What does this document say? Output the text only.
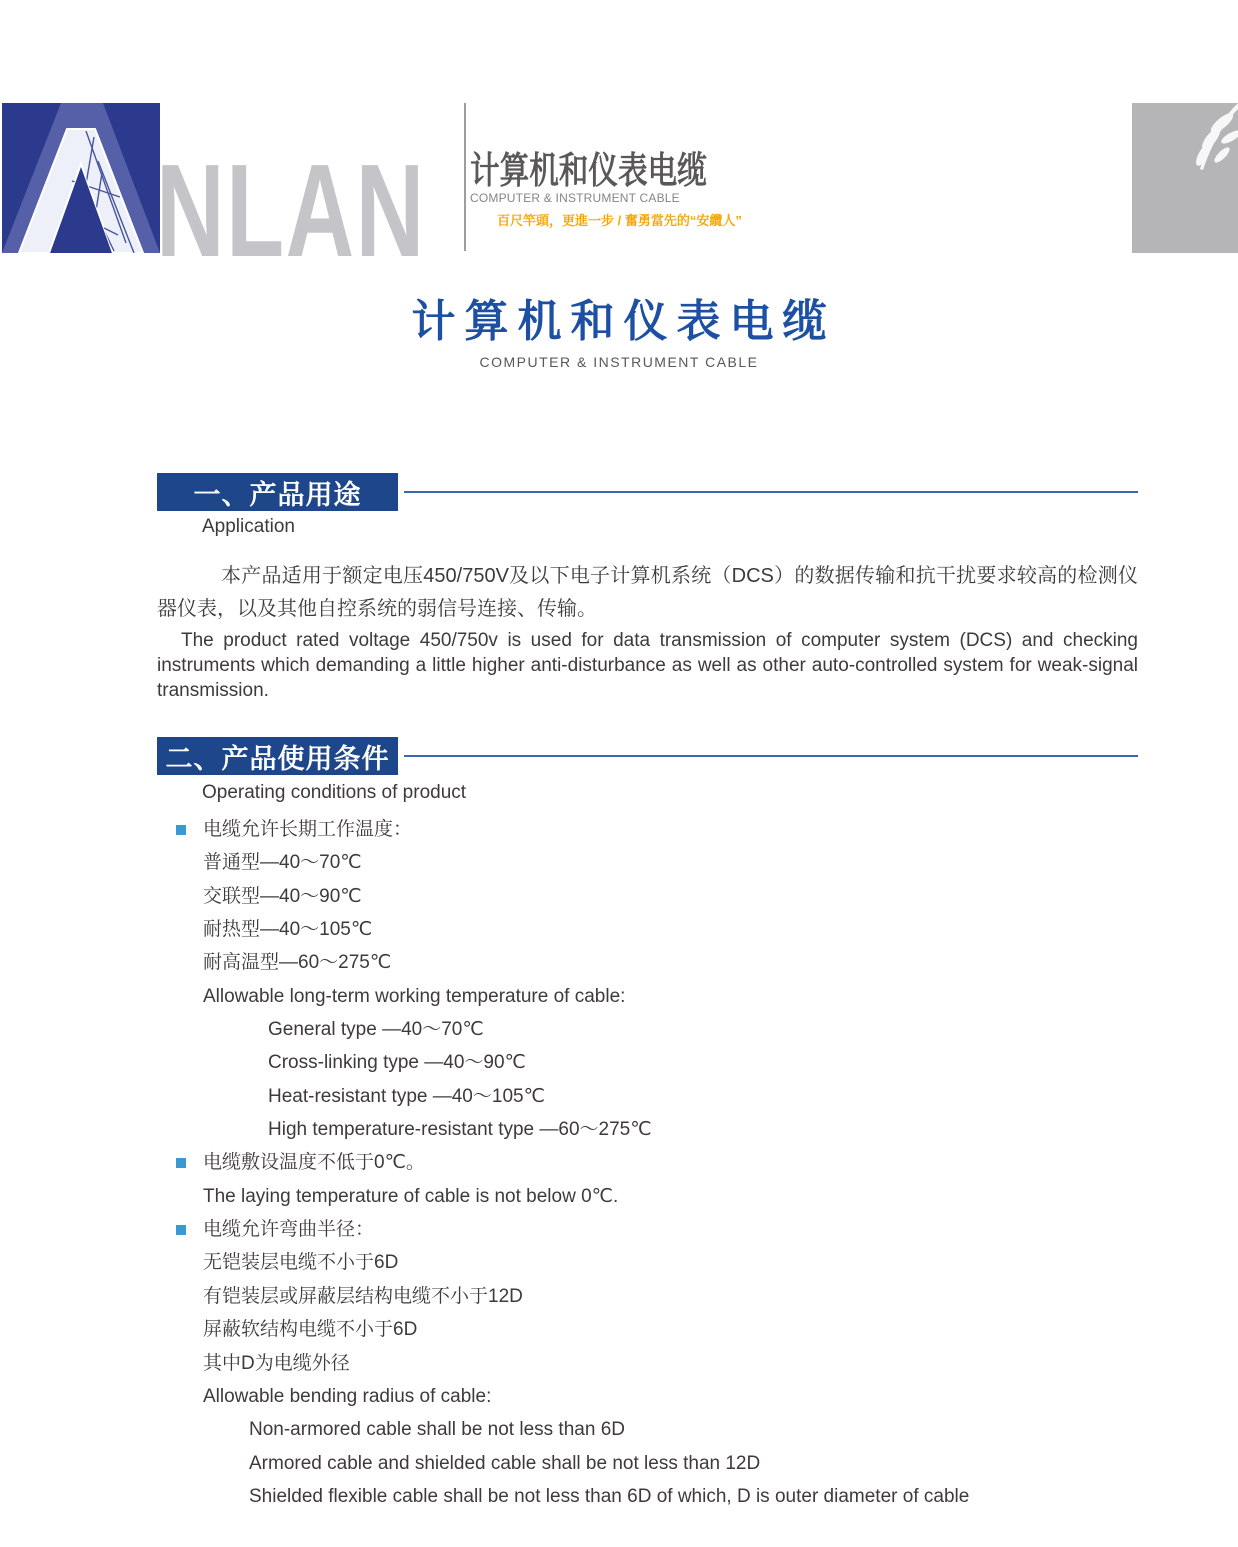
NLAN 计算机和仪表电缆
COMPUTER & INSTRUMENT CABLE
百尺竿頭，更進一步 / 奮勇當先的“安纜人”
计算机和仪表电缆
COMPUTER & INSTRUMENT CABLE
一、产品用途
Application
本产品适用于额定电压450/750V及以下电子计算机系统（DCS）的数据传输和抗干扰要求较高的检测仪器仪表，以及其他自控系统的弱信号连接、传输。
The product rated voltage 450/750v is used for data transmission of computer system (DCS) and checking instruments which demanding a little higher anti-disturbance as well as other auto-controlled system for weak-signal transmission.
二、产品使用条件
Operating conditions of product
电缆允许长期工作温度：
普通型—40～70℃
交联型—40～90℃
耐热型—40～105℃
耐高温型—60～275℃
Allowable long-term working temperature of cable:
General type —40～70℃
Cross-linking type —40～90℃
Heat-resistant type —40～105℃
High temperature-resistant type —60～275℃
电缆敷设温度不低于0℃。
The laying temperature of cable is not below 0℃.
电缆允许弯曲半径：
无铠装层电缆不小于6D
有铠装层或屏蔽层结构电缆不小于12D
屏蔽软结构电缆不小于6D
其中D为电缆外径
Allowable bending radius of cable:
Non-armored cable shall be not less than 6D
Armored cable and shielded cable shall be not less than 12D
Shielded flexible cable shall be not less than 6D of which, D is outer diameter of cable
